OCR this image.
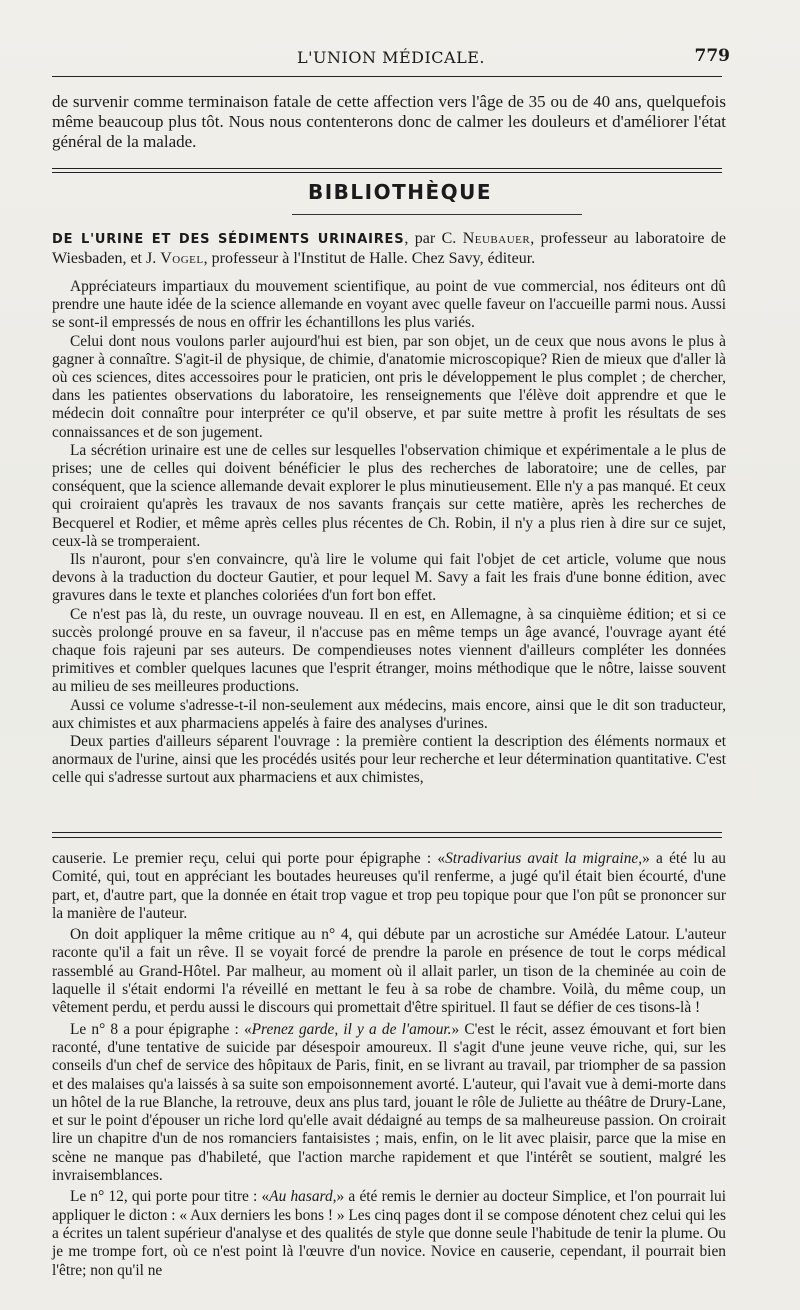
L'UNION MÉDICALE.	779

de survenir comme terminaison fatale de cette affection vers l'âge de 35 ou de 40 ans, quelquefois même beaucoup plus tôt. Nous nous contenterons donc de calmer les douleurs et d'améliorer l'état général de la malade.

BIBLIOTHÈQUE

DE L'URINE ET DES SÉDIMENTS URINAIRES, par C. Neubauer, professeur au laboratoire de Wiesbaden, et J. Vogel, professeur à l'Institut de Halle. Chez Savy, éditeur.

Appréciateurs impartiaux du mouvement scientifique, au point de vue commercial, nos éditeurs ont dû prendre une haute idée de la science allemande en voyant avec quelle faveur on l'accueille parmi nous. Aussi se sont-il empressés de nous en offrir les échantillons les plus variés.

Celui dont nous voulons parler aujourd'hui est bien, par son objet, un de ceux que nous avons le plus à gagner à connaître. S'agit-il de physique, de chimie, d'anatomie microscopique? Rien de mieux que d'aller là où ces sciences, dites accessoires pour le praticien, ont pris le développement le plus complet ; de chercher, dans les patientes observations du laboratoire, les renseignements que l'élève doit apprendre et que le médecin doit connaître pour interpréter ce qu'il observe, et par suite mettre à profit les résultats de ses connaissances et de son jugement.

La sécrétion urinaire est une de celles sur lesquelles l'observation chimique et expérimentale a le plus de prises; une de celles qui doivent bénéficier le plus des recherches de laboratoire; une de celles, par conséquent, que la science allemande devait explorer le plus minutieusement. Elle n'y a pas manqué. Et ceux qui croiraient qu'après les travaux de nos savants français sur cette matière, après les recherches de Becquerel et Rodier, et même après celles plus récentes de Ch. Robin, il n'y a plus rien à dire sur ce sujet, ceux-là se tromperaient.

Ils n'auront, pour s'en convaincre, qu'à lire le volume qui fait l'objet de cet article, volume que nous devons à la traduction du docteur Gautier, et pour lequel M. Savy a fait les frais d'une bonne édition, avec gravures dans le texte et planches coloriées d'un fort bon effet.

Ce n'est pas là, du reste, un ouvrage nouveau. Il en est, en Allemagne, à sa cinquième édition; et si ce succès prolongé prouve en sa faveur, il n'accuse pas en même temps un âge avancé, l'ouvrage ayant été chaque fois rajeuni par ses auteurs. De compendieuses notes viennent d'ailleurs compléter les données primitives et combler quelques lacunes que l'esprit étranger, moins méthodique que le nôtre, laisse souvent au milieu de ses meilleures productions.

Aussi ce volume s'adresse-t-il non-seulement aux médecins, mais encore, ainsi que le dit son traducteur, aux chimistes et aux pharmaciens appelés à faire des analyses d'urines.

Deux parties d'ailleurs séparent l'ouvrage : la première contient la description des éléments normaux et anormaux de l'urine, ainsi que les procédés usités pour leur recherche et leur détermination quantitative. C'est celle qui s'adresse surtout aux pharmaciens et aux chimistes,

causerie. Le premier reçu, celui qui porte pour épigraphe : «Stradivarius avait la migraine,» a été lu au Comité, qui, tout en appréciant les boutades heureuses qu'il renferme, a jugé qu'il était bien écourté, d'une part, et, d'autre part, que la donnée en était trop vague et trop peu topique pour que l'on pût se prononcer sur la manière de l'auteur.

On doit appliquer la même critique au n° 4, qui débute par un acrostiche sur Amédée Latour. L'auteur raconte qu'il a fait un rêve. Il se voyait forcé de prendre la parole en présence de tout le corps médical rassemblé au Grand-Hôtel. Par malheur, au moment où il allait parler, un tison de la cheminée au coin de laquelle il s'était endormi l'a réveillé en mettant le feu à sa robe de chambre. Voilà, du même coup, un vêtement perdu, et perdu aussi le discours qui promettait d'être spirituel. Il faut se défier de ces tisons-là !

Le n° 8 a pour épigraphe : «Prenez garde, il y a de l'amour.» C'est le récit, assez émouvant et fort bien raconté, d'une tentative de suicide par désespoir amoureux. Il s'agit d'une jeune veuve riche, qui, sur les conseils d'un chef de service des hôpitaux de Paris, finit, en se livrant au travail, par triompher de sa passion et des malaises qu'a laissés à sa suite son empoisonnement avorté. L'auteur, qui l'avait vue à demi-morte dans un hôtel de la rue Blanche, la retrouve, deux ans plus tard, jouant le rôle de Juliette au théâtre de Drury-Lane, et sur le point d'épouser un riche lord qu'elle avait dédaigné au temps de sa malheureuse passion. On croirait lire un chapitre d'un de nos romanciers fantaisistes ; mais, enfin, on le lit avec plaisir, parce que la mise en scène ne manque pas d'habileté, que l'action marche rapidement et que l'intérêt se soutient, malgré les invraisemblances.

Le n° 12, qui porte pour titre : «Au hasard,» a été remis le dernier au docteur Simplice, et l'on pourrait lui appliquer le dicton : « Aux derniers les bons ! » Les cinq pages dont il se compose dénotent chez celui qui les a écrites un talent supérieur d'analyse et des qualités de style que donne seule l'habitude de tenir la plume. Ou je me trompe fort, où ce n'est point là l'œuvre d'un novice. Novice en causerie, cependant, il pourrait bien l'être; non qu'il ne
